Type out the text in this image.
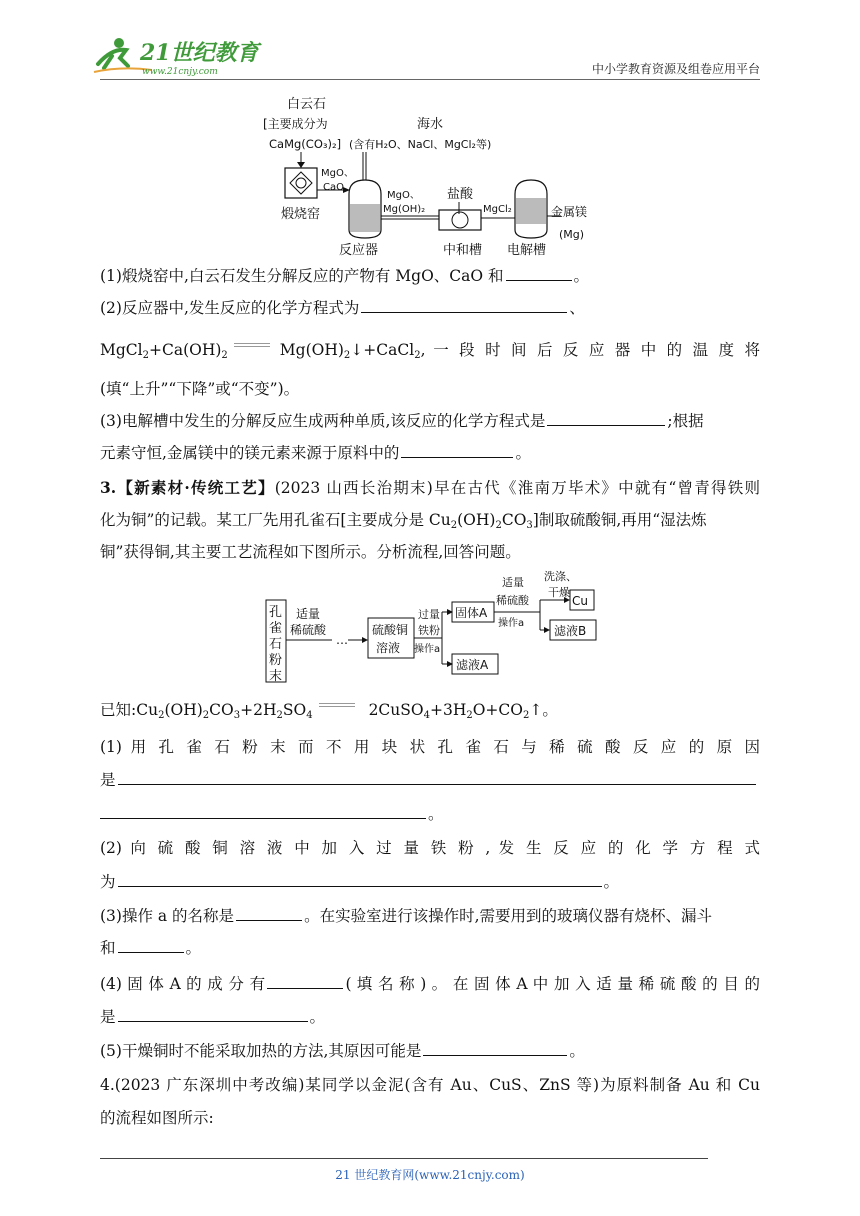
21世纪教育
www.21cnjy.com	中小学教育资源及组卷应用平台
白云石
[主要成分为
CaMg(CO₃)₂]
煅烧窑
MgO、
CaO
海水
(含有H₂O、NaCl、MgCl₂等)
反应器
MgO、
Mg(OH)₂
盐酸
中和槽
MgCl₂
电解槽
金属镁
(Mg)
(1)煅烧窑中,白云石发生分解反应的产物有 MgO、CaO 和	。
(2)反应器中,发生反应的化学方程式为	、
$MgCl_2+Ca(OH)_2$	$Mg(OH)_2↓+CaCl_2$, 一 段 时 间 后 反 应 器 中 的 温 度 将
(填“上升”“下降”或“不变”)。
(3)电解槽中发生的分解反应生成两种单质,该反应的化学方程式是	;根据
元素守恒,金属镁中的镁元素来源于原料中的	。
3.【新素材·传统工艺】(2023 山西长治期末)早在古代《淮南万毕术》中就有“曾青得铁则
化为铜”的记载。某工厂先用孔雀石[主要成分是 $Cu_2(OH)_2CO_3$]制取硫酸铜,再用“湿法炼
铜”获得铜,其主要工艺流程如下图所示。分析流程,回答问题。
孔
雀
石
粉
末
适量
稀硫酸
…
硫酸铜
溶液
过量
铁粉
操作a
固体A
滤液A
适量
稀硫酸
操作a
洗涤、
干燥
Cu
滤液B
已知$:Cu_2(OH)_2CO_3+2H_2SO_4$	$2CuSO_4+3H_2O+CO_2↑$。
(1) 用 孔 雀 石 粉 末 而 不 用 块 状 孔 雀 石 与 稀 硫 酸 反 应 的 原 因
是
。
(2) 向 硫 酸 铜 溶 液 中 加 入 过 量 铁 粉 , 发 生 反 应 的 化 学 方 程 式
为	。
(3)操作 a 的名称是	。在实验室进行该操作时,需要用到的玻璃仪器有烧杯、漏斗
和	。
(4) 固 体 A 的 成 分 有	( 填 名 称 ) 。 在 固 体 A 中 加 入 适 量 稀 硫 酸 的 目 的
是	。
(5)干燥铜时不能采取加热的方法,其原因可能是	。
4.(2023 广东深圳中考改编)某同学以金泥(含有 Au、CuS、ZnS 等)为原料制备 Au 和 Cu
的流程如图所示:
21 世纪教育网(www.21cnjy.com)
